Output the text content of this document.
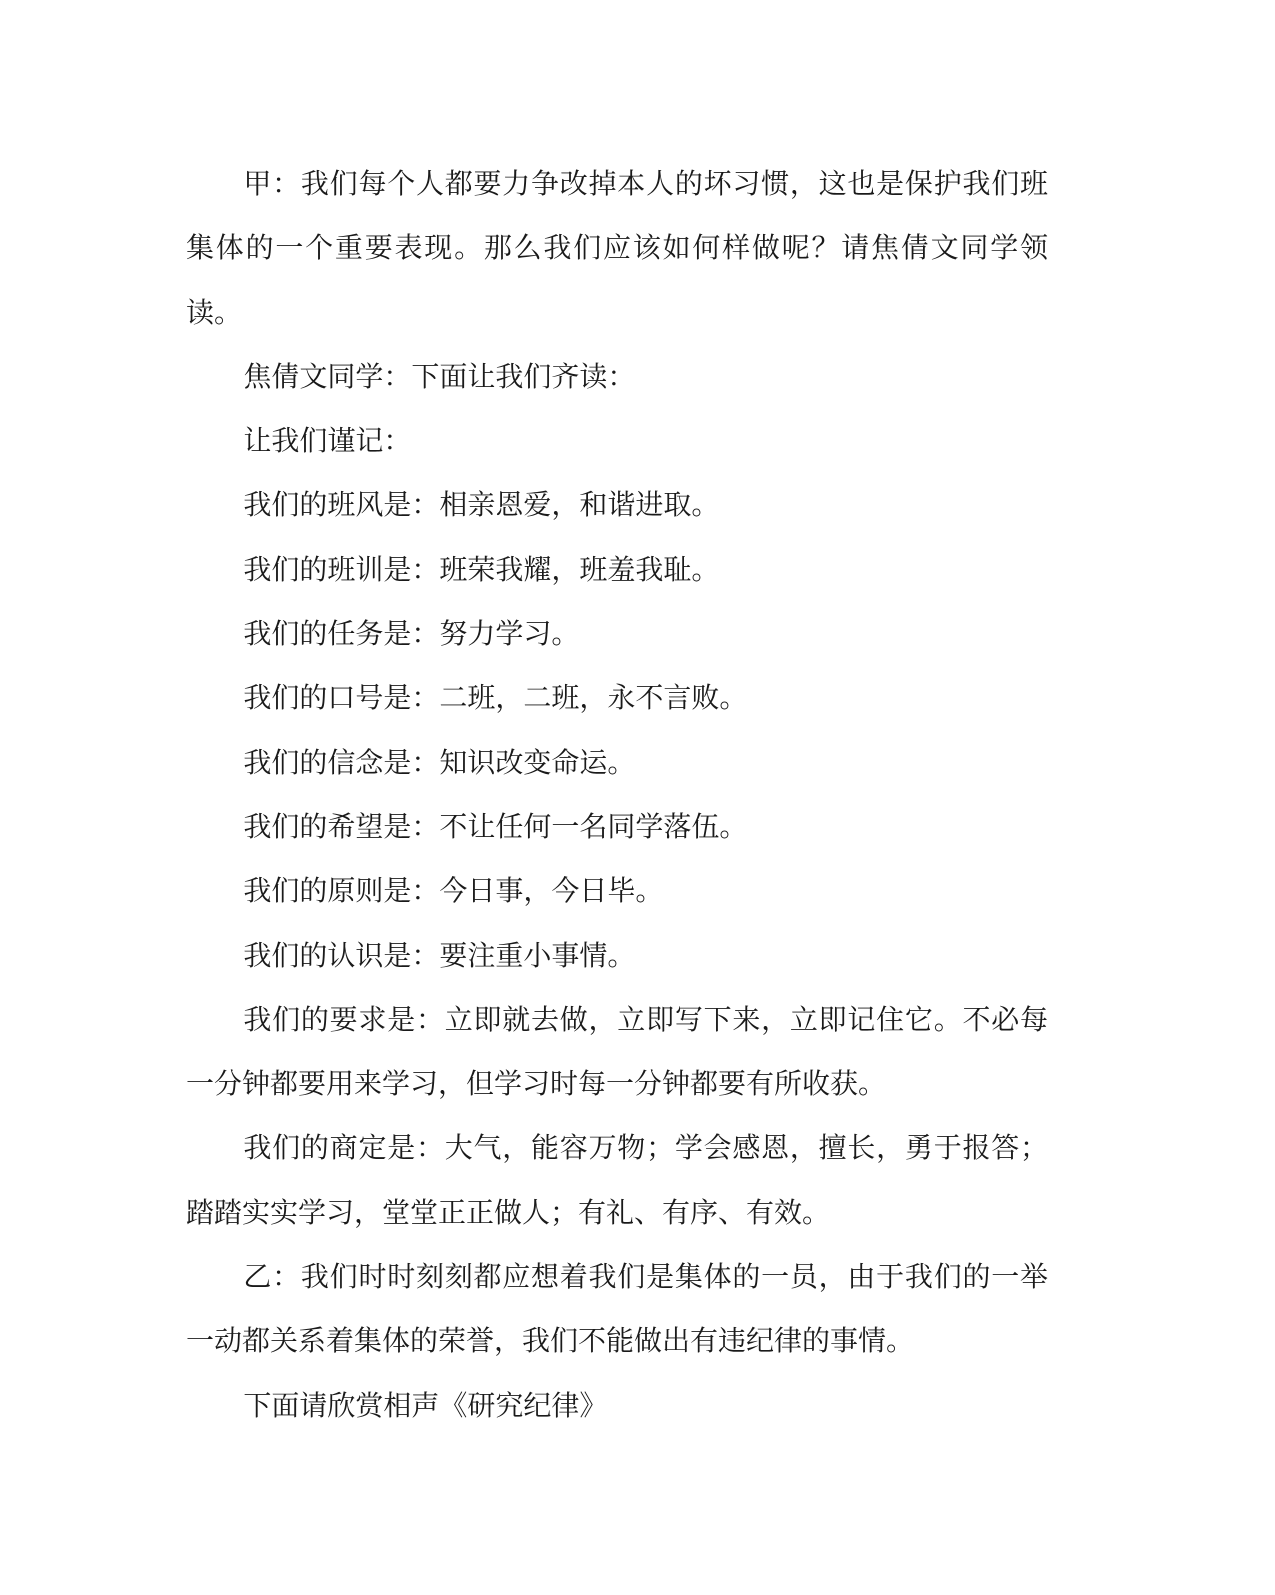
甲：我们每个人都要力争改掉本人的坏习惯，这也是保护我们班集体的一个重要表现。那么我们应该如何样做呢？请焦倩文同学领读。

焦倩文同学：下面让我们齐读：

让我们谨记：

我们的班风是：相亲恩爱，和谐进取。

我们的班训是：班荣我耀，班羞我耻。

我们的任务是：努力学习。

我们的口号是：二班，二班，永不言败。

我们的信念是：知识改变命运。

我们的希望是：不让任何一名同学落伍。

我们的原则是：今日事，今日毕。

我们的认识是：要注重小事情。

我们的要求是：立即就去做，立即写下来，立即记住它。不必每一分钟都要用来学习，但学习时每一分钟都要有所收获。

我们的商定是：大气，能容万物；学会感恩，擅长，勇于报答；踏踏实实学习，堂堂正正做人；有礼、有序、有效。

乙：我们时时刻刻都应想着我们是集体的一员，由于我们的一举一动都关系着集体的荣誉，我们不能做出有违纪律的事情。

下面请欣赏相声《研究纪律》
